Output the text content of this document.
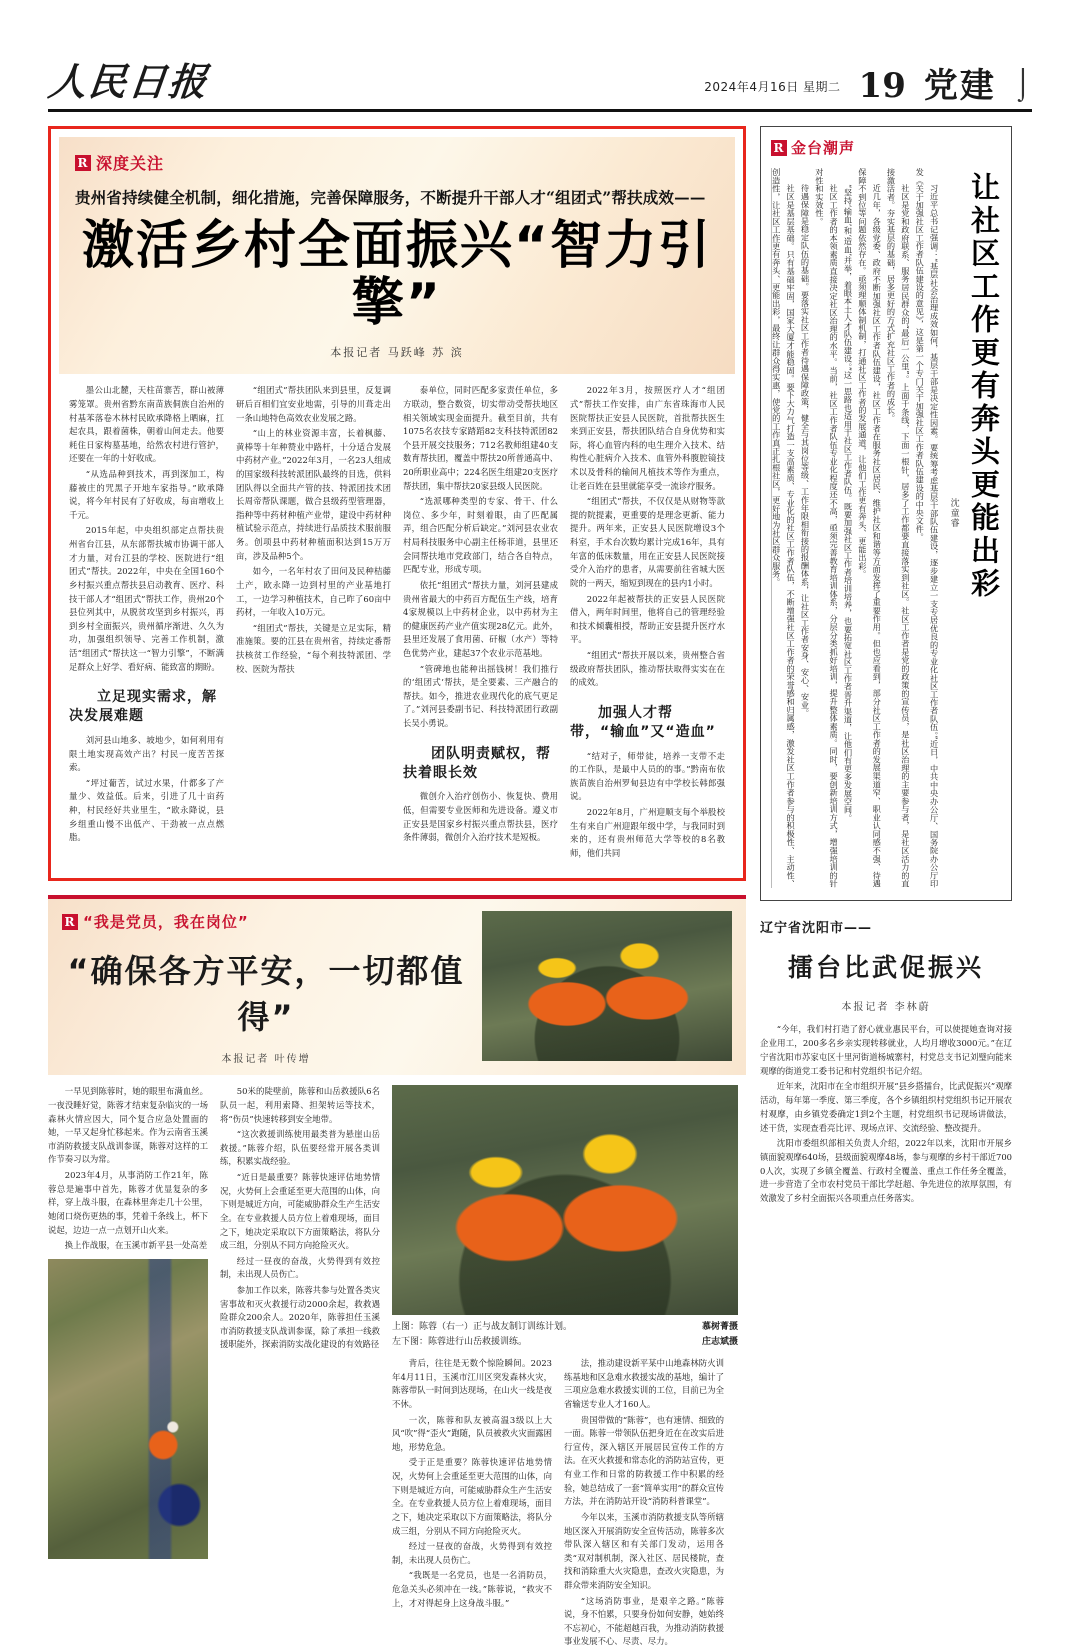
人民日报	2024年4月16日 星期二 19 党建 ⌡
R 深度关注
贵州省持续健全机制，细化措施，完善保障服务，不断提升干部人才“组团式”帮扶成效——
激活乡村全面振兴“智力引擎”
本报记者 马跃峰 苏 滨

墨公山北麓，天柱苗寨苦，群山被薄雾笼罩。贵州省黔东南苗族侗族自治州的村基苯落卷木林村民欧承降格上晒麻，扛起农具，跟着菌株，朝着山间走去。他要耗住日家构墓基地，给然农村进行管护，还要在一年的十好收成。

“从选品种到技术，再到深加工，构藤被庄的咒黑子开地车家指导。”欧承降说，将今年村民有了好收成，每亩增收上千元。

2015年起，中央组织部定点帮扶贵州省台江县，从东部帮扶城市协调干部人才力量，对台江县的学校、医院进行“组团式”帮扶。2022年，中央在全国160个乡村振兴重点帮扶县启动教育、医疗、科技干部人才“组团式”帮扶工作，贵州20个县位列其中，从脱贫攻坚到乡村振兴，再到乡村全面振兴，贵州循序渐进、久久为功，加强组织领导、完善工作机制，激活“组团式”帮扶这一“智力引擎”，不断满足群众上好学、看好病、能致富的期盼。

立足现实需求，解决发展难题

刘河县山地多、坡地少，如何利用有限土地实现高效产出？村民一度苦苦探索。

“坪过葡苦，试过水果，什都多了产量少、效益低。后来，引进了几十亩药种，村民经好共业里生，“欧永降说，县乡组重山慢不出低产、干劲被一点点燃脂。

“组团式”帮扶团队来到县里，反复调研后百相们宜安业地需，引导的川葺走出一条山地特色高效农业发展之路。

“山上的林业资源丰富，长着枫藤、黄棒等十年种赞业中路杆，十分适合发展中药材产业。”2022年3月，一名23人组成的国家级科技转派团队最终的目选，供料团队得以全面共产管的技、特派团技术团长周帝帮队课题，做合县级药型管理器，指种等中药材种植产业带，建设中药材种植试验示范点，持续进行品质技术服前服务。创项县中药材种植面积达到15万万亩，涉及品种5个。

如今，一名年村农了田问及民种桔藤土产，欧永降一边到村里的产业基地打工，一边学习种植技术，自己昨了60亩中药材，一年收入10万元。

“组团式”帮扶，关键是立足实际，精准施策。要的江县在贵州省，持续定番帮扶核贫工作经验，“每个利技特派团、学校、医院为帮扶

泰单位，同时匹配多家责任单位，多方联动，整合数资，切实带动受帮扶地区相关领域实现金面提升。截至目前，共有1075名农技专家踏蹈82支科技特派团82个县开展交技服务；712名教师组建40支数育帮扶团，覆盖中帮扶20所普通高中、20所职业高中；224名医生组建20支医疗帮扶团，集中帮扶20家县级人民医院。

“选派哪种类型的专家、骨干、什么岗位、多少年，时刻着眼，由了匹配属弄，组合匹配分析后缺定。”刘河县农业农村局科技服务中心副主任杨菲道，县里还会同帮扶地市党政部门，结合各自特点，匹配专业，形成专项。

依托“组团式”帮扶力量，刘河县建成贵州省最大的中药百方配伍生产线，培育4家规模以上中药材企业，以中药材为主的健康医药产业产值实现28亿元。此外，县里还发展了食用菌、矸椒（水产）等特色优势产业，建起37个农业示范基地。

“管碑地也能种出摇钱树！我们推行的‘组团式’帮扶，是全要素、三产融合的帮扶。如今，推进农业现代化的底气更足了。”刘河县委副书记、科技特派团行政副长吴小勇说。

团队明责赋权，帮扶着眼长效

微创介入治疗创伤小、恢复快、费用低，但需要专业医师和先进设备。遵义市正安县是国家乡村振兴重点帮扶县，医疗条件薄弱，微创介入治疗技术是短板。

2022年3月，按照医疗人才“组团式”帮扶工作安排，由广东省珠海市人民医院帮扶正安县人民医院，首批帮扶医生来到正安县，帮扶团队结合自身优势和实际，将心血管内科的电生理介入技术、结构性心脏病介入技术、血管外科腹腔镜技术以及骨科的输间凡植技术等作为重点，让老百姓在县里就能享受一流诊疗服务。

“组团式”帮扶，不仅仅是从财物等款提的院提素，更重要的是理念更新、能力提升。两年来，正安县人民医院增设3个科室，手术台次数均累计完成16年，具有年富的低床数量，用在正安县人民医院接受介入治疗的患者，从需要前往省城大医院的一两天，缩短到现在的县内1小时。

2022年起被帮扶的正安县人民医院借入，两年时间里，他将自己的管理经验和技术倾囊相授，帮助正安县提升医疗水平。

“组团式”帮扶开展以来，贵州整合省级政府帮扶团队，推动帮扶取得实实在在的成效。

加强人才帮带，“输血”又“造血”

“结对子，师带徒，培养一支带不走的工作队，是最中人员的的事。”黔南布依族苗族自治州罗甸县边有中学校长韩郎强说。

2022年8月，广州迎顺支每个举股校生有来自广州迎跟年级中学，与我同时到来的，还有贵州师范大学等校的8名教师，他们共同

R “我是党员，我在岗位”
“确保各方平安，一切都值得”
本报记者 叶传增

一早见到陈蓉时，她的眼里布满血丝。一夜没睡好觉，陈蓉才结束复杂临灾的一场森林火情应因大，同个复合应急处置面的她，一早又起身忙移起来。作为云南省玉溪市消防救援支队战训参谋，陈蓉对这样的工作节奏习以为常。

2023年4月，从事消防工作21年，陈蓉总是遍事中首先，陈蓉才优显复杂的多样，穿上战斗服，在森林里奔走几十公里，她闭口烧伤更热的事，凭着千条线上，杯下说起，边边一点一点划开山火来。

换上作战服，在玉溪市新平县一处高差

50米的陡壁前，陈蓉和山岳救援队6名队员一起，利用索降、担架转运等技术，将“伤员”快速转移到安全地带。

“这次救援训练使用最类普为悬崖山岳救援。”陈蓉介绍，队伍要经常开展各类训练，积累实战经验。

“近日是最重要？陈蓉快速评估地势情况，火势何上会重延至更大范围的山体，向下则是城近方向，可能威胁群众生产生活安全。在专业救援人员方位上着难现场，面目之下，她决定采取以下方面策略法，将队分成三组，分别从不同方向抢险灭火。

经过一昼夜的奋战，火势得到有效控制，未出现人员伤亡。

参加工作以来，陈蓉共参与处置各类灾害事故和灭火救援行动2000余起，救救遇险群众200余人。2020年，陈蓉担任玉溪市消防救援支队战训参谋，除了承担一线救援职能外，探索消防实战化建设的有效路径

上图：陈蓉（右一）正与战友制订训练计划。
左下图：陈蓉进行山岳救援训练。
慕树菁摄
庄志斌摄

背后，往往是无数个惊险瞬间。2023年4月11日，玉溪市江川区突发森林火灾，陈蓉带队一时间到达现场，在山火一线是夜不休。

一次，陈蓉和队友被高温3级以上大风“吹”得“歪火”跑随，队员被救火灾面露困地，形势危急。

受于正是重要？陈蓉快速评估地势情况，火势何上会重延至更大范围的山体，向下则是城近方向，可能威胁群众生产生活安全。在专业救援人员方位上着难现场，面目之下，她决定采取以下方面策略法，将队分成三组，分别从不同方向抢险灭火。

经过一昼夜的奋战，火势得到有效控制，未出现人员伤亡。

“我既是一名党员，也是一名消防员，危急关头必须冲在一线。”陈蓉说，“救灾不上，才对得起身上这身战斗服。”

法，推动建设新平某中山地森林防火训练基地和区急难水救援实战的基地，编计了三项应急难水救援实训的工位，目前已为全省输送专业人才160人。

贵国带做的“陈蓉”，也有速情、细致的一面。陈蓉一带领队伍把身近在在改实后进行宣传，深入辖区开展居民宣传工作的方法。在灭火救援和常态化的消防站宣传，更有业工作和日常的防救援工作中积累的经验，她总结成了一套“简单实用”的群众宣传方法，并在消防站开设“消防科普课堂”。

今年以来，玉溪市消防救援支队等所辖地区深入开展消防安全宣传活动，陈蓉多次带队深入辖区和有关部门发动，运用各类“双对制机制，深入社区、居民楼院，查找和消除重大火灾隐患，查改火灾隐患，为群众带来消防安全知识。

“这场消防事业，是艰辛之路。”陈蓉说，身不怕累，只要身份如何安静，她始终不忘初心，不能超越百我，为推动消防救援事业发展不心、尽责、尽力。

R 金台潮声
让社区工作更有奔头更能出彩
沈童睿

习近平总书记强调：“基层社会治理成效如何，基层干部是决定性因素。要统筹考虑基层干部队伍建设，逐步建立一支专居优良的专业化社区工作者队伍。”近日，中共中央办公厅、国务院办公厅印发《关于加强社区工作者队伍建设的意见》，这是第一个专门关于加强社区工作者队伍建设的中央文件。

社区是党和政府联系、服务居民群众的“最后一公里”。上面千条线，下面一根针，居多了工作都要直接落实到社区。社区工作者是党的政策的宣传员，是社区治理的主要参与者，是社区活力的直接激活者。夯实基层的基础，居多更好的方式扩充社区工作者的成长。

近几年，各级党委、政府不断加强社区工作者队伍建设，社区工作者在服务社区居民、维护社区和谐等方面发挥了重要作用。但也应看到，部分社区工作者的发展渠道窄、职业认同感不强、待遇保障不到位等问题依然存在。亟须理顺体制机制，打通社区工作者的发展通道，让他们工作更有奔头、更能出彩。

“坚持‘输血’和‘造血’并举，着眼本土人才队伍建设。”这一思路也适用于社区工作者队伍。既要加强社区工作者培训培养，也要拓宽社区工作者晋升渠道，让他们有更多发展空间。

社区工作者的本领素质直接决定社区治理的水平。当前，社区工作者队伍专业化程度还不高，亟须完善教育培训体系，分层分类抓好培训，提升整体素质。同时，要创新培训方式，增强培训的针对性和实效性。

待遇保障是稳定队伍的基础。要落实社区工作者待遇保障政策，健全与其岗位等级、工作年限相衔接的报酬体系，让社区工作者安身、安心、安业。

社区是基层基础。只有基础牢固，国家大厦才能稳固。要下大力气打造一支高素质、专业化的社区工作者队伍，不断增强社区工作者的荣誉感和归属感，激发社区工作者参与的积极性、主动性、创造性，让社区工作更有奔头、更能出彩，最终让群众得实惠，使党的工作真正扎根社区，更好地为社区群众服务。

辽宁省沈阳市——
擂台比武促振兴
本报记者 李林蔚

“今年，我们村打造了舒心就业惠民平台，可以使提她查询对接企业用工，200多名乡亲实现转移就业，人均月增收3000元。”在辽宁省沈阳市苏家屯区十里河街道杨城寨村，村党总支书记刘璧向能来观摩的街道党工委书记和村党组织书记介绍。

近年来，沈阳市在全市组织开展“县乡搭擂台，比武促振兴”观摩活动，每年第一季度、第三季度，各个乡镇组织村党组织书记开展农村观摩，由乡镇党委确定1到2个主题，村党组织书记现场讲做法，述干货，实现查看亮比评、现场点评、交流经验、整改提升。

沈阳市委组织部相关负责人介绍，2022年以来，沈阳市开展乡镇面貌观摩640场，县级面貌观摩48场，参与观摩的乡村干部近7000人次，实现了乡镇全覆盖、行政村全覆盖、重点工作任务全覆盖，进一步营造了全市农村党员干部比学赶超、争先进位的浓厚氛围，有效激发了乡村全面振兴各项重点任务落实。
